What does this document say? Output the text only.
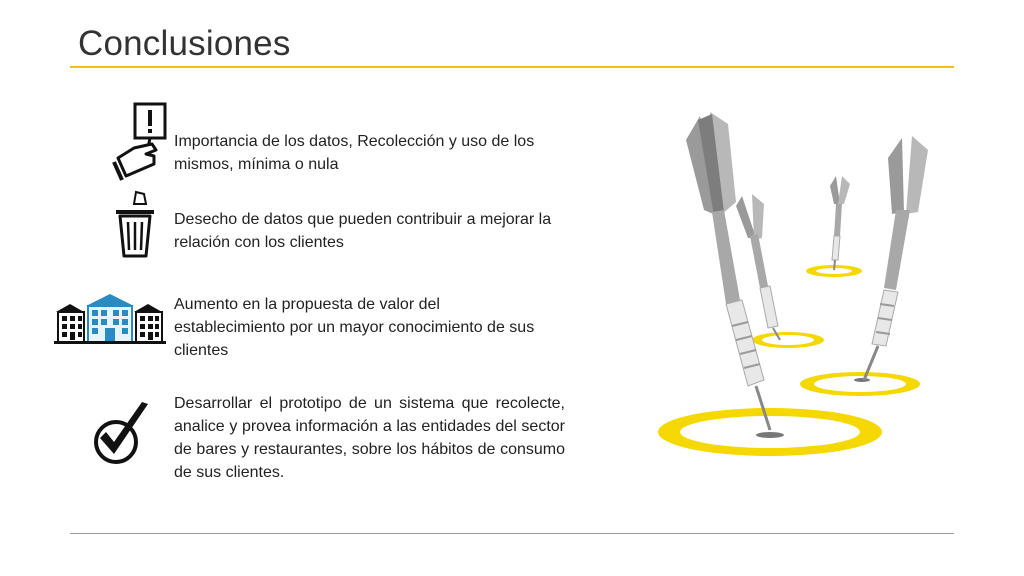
Conclusiones
Importancia de los datos, Recolección y uso de los mismos, mínima o nula
Desecho de datos que pueden contribuir a mejorar la relación con los clientes
Aumento en la propuesta de valor del establecimiento por un mayor conocimiento de sus clientes
Desarrollar el prototipo de un sistema que recolecte, analice y provea información a las entidades del sector de bares y restaurantes, sobre los hábitos de consumo de sus clientes.
